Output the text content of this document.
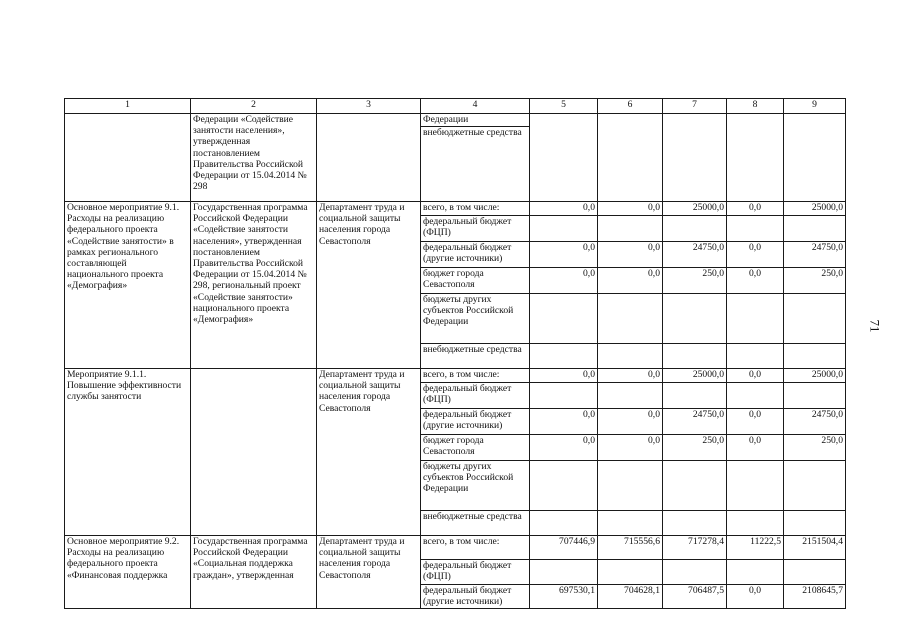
71
1	2	3	4	5	6	7	8	9
	Федерации «Содействие занятости населения», утвержденная постановлением Правительства Российской Федерации от 15.04.2014 № 298		Федерации					
			внебюджетные средства					
Основное мероприятие 9.1. Расходы на реализацию федерального проекта «Содействие занятости» в рамках регионального составляющей национального проекта «Демография»	Государственная программа Российской Федерации «Содействие занятости населения», утвержденная постановлением Правительства Российской Федерации от 15.04.2014 № 298, региональный проект «Содействие занятости» национального проекта «Демография»	Департамент труда и социальной защиты населения города Севастополя	всего, в том числе:	0,0	0,0	25000,0	0,0	25000,0
			федеральный бюджет (ФЦП)					
			федеральный бюджет (другие источники)	0,0	0,0	24750,0	0,0	24750,0
			бюджет города Севастополя	0,0	0,0	250,0	0,0	250,0
			бюджеты других субъектов Российской Федерации					
			внебюджетные средства					
Мероприятие 9.1.1. Повышение эффективности службы занятости		Департамент труда и социальной защиты населения города Севастополя	всего, в том числе:	0,0	0,0	25000,0	0,0	25000,0
			федеральный бюджет (ФЦП)					
			федеральный бюджет (другие источники)	0,0	0,0	24750,0	0,0	24750,0
			бюджет города Севастополя	0,0	0,0	250,0	0,0	250,0
			бюджеты других субъектов Российской Федерации					
			внебюджетные средства					
Основное мероприятие 9.2. Расходы на реализацию федерального проекта «Финансовая поддержка	Государственная программа Российской Федерации «Социальная поддержка граждан», утвержденная	Департамент труда и социальной защиты населения города Севастополя	всего, в том числе:	707446,9	715556,6	717278,4	11222,5	2151504,4
			федеральный бюджет (ФЦП)					
			федеральный бюджет (другие источники)	697530,1	704628,1	706487,5	0,0	2108645,7
